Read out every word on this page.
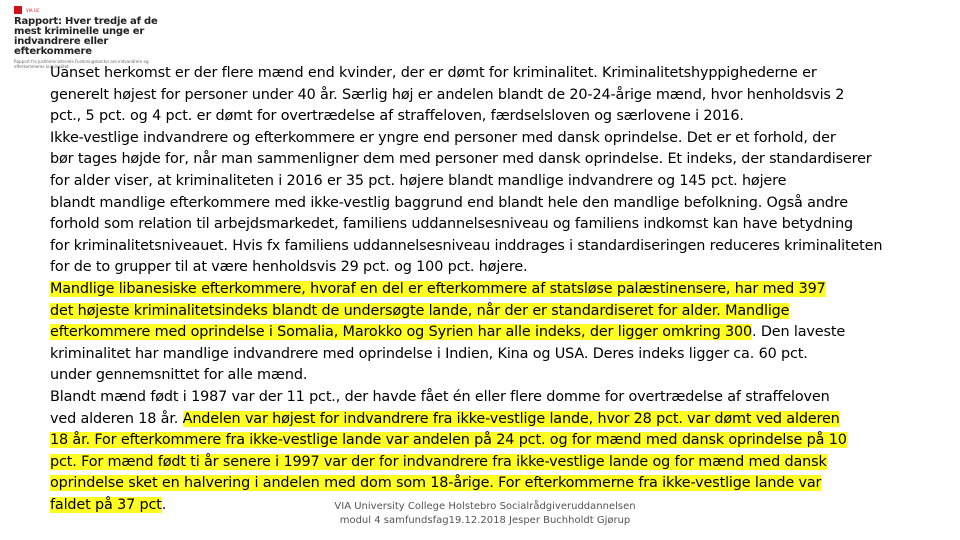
VIA UC
Rapport: Hver tredje af de mest kriminelle unge er indvandrere eller efterkommere
Rapport fra Justitsministeriets Forskningskontor om indvandrere og efterkommeres kriminalitet
Uanset herkomst er der flere mænd end kvinder, der er dømt for kriminalitet. Kriminalitetshyppighederne er
generelt højest for personer under 40 år. Særlig høj er andelen blandt de 20-24-årige mænd, hvor henholdsvis 2
pct., 5 pct. og 4 pct. er dømt for overtrædelse af straffeloven, færdselsloven og særlovene i 2016.
Ikke-vestlige indvandrere og efterkommere er yngre end personer med dansk oprindelse. Det er et forhold, der
bør tages højde for, når man sammenligner dem med personer med dansk oprindelse. Et indeks, der standardiserer
for alder viser, at kriminaliteten i 2016 er 35 pct. højere blandt mandlige indvandrere og 145 pct. højere
blandt mandlige efterkommere med ikke-vestlig baggrund end blandt hele den mandlige befolkning. Også andre
forhold som relation til arbejdsmarkedet, familiens uddannelsesniveau og familiens indkomst kan have betydning
for kriminalitetsniveauet. Hvis fx familiens uddannelsesniveau inddrages i standardiseringen reduceres kriminaliteten
for de to grupper til at være henholdsvis 29 pct. og 100 pct. højere.
Mandlige libanesiske efterkommere, hvoraf en del er efterkommere af statsløse palæstinensere, har med 397
det højeste kriminalitetsindeks blandt de undersøgte lande, når der er standardiseret for alder. Mandlige
efterkommere med oprindelse i Somalia, Marokko og Syrien har alle indeks, der ligger omkring 300. Den laveste
kriminalitet har mandlige indvandrere med oprindelse i Indien, Kina og USA. Deres indeks ligger ca. 60 pct.
under gennemsnittet for alle mænd.
Blandt mænd født i 1987 var der 11 pct., der havde fået én eller flere domme for overtrædelse af straffeloven
ved alderen 18 år. Andelen var højest for indvandrere fra ikke-vestlige lande, hvor 28 pct. var dømt ved alderen
18 år. For efterkommere fra ikke-vestlige lande var andelen på 24 pct. og for mænd med dansk oprindelse på 10
pct. For mænd født ti år senere i 1997 var der for indvandrere fra ikke-vestlige lande og for mænd med dansk
oprindelse sket en halvering i andelen med dom som 18-årige. For efterkommerne fra ikke-vestlige lande var
faldet på 37 pct.	VIA University College Holstebro Socialrådgiveruddannelsen
modul 4 samfundsfag19.12.2018 Jesper Buchholdt Gjørup
